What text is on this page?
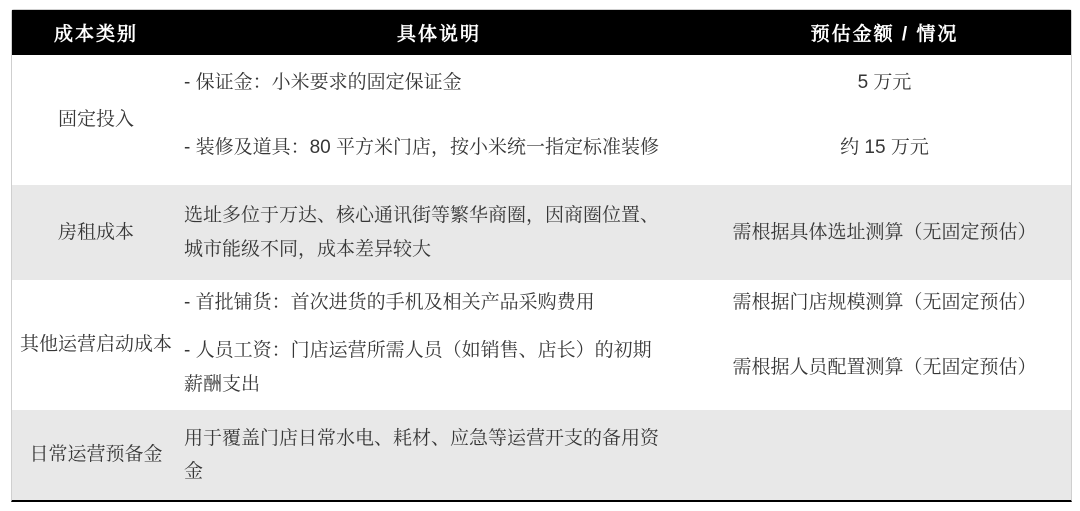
成本类别	具体说明	预估金额 / 情况
固定投入	- 保证金：小米要求的固定保证金	5 万元
	- 装修及道具：80 平方米门店，按小米统一指定标准装修	约 15 万元
房租成本	选址多位于万达、核心通讯街等繁华商圈，因商圈位置、城市能级不同，成本差异较大	需根据具体选址测算（无固定预估）
其他运营启动成本	- 首批铺货：首次进货的手机及相关产品采购费用	需根据门店规模测算（无固定预估）
	- 人员工资：门店运营所需人员（如销售、店长）的初期薪酬支出	需根据人员配置测算（无固定预估）
日常运营预备金	用于覆盖门店日常水电、耗材、应急等运营开支的备用资金	
